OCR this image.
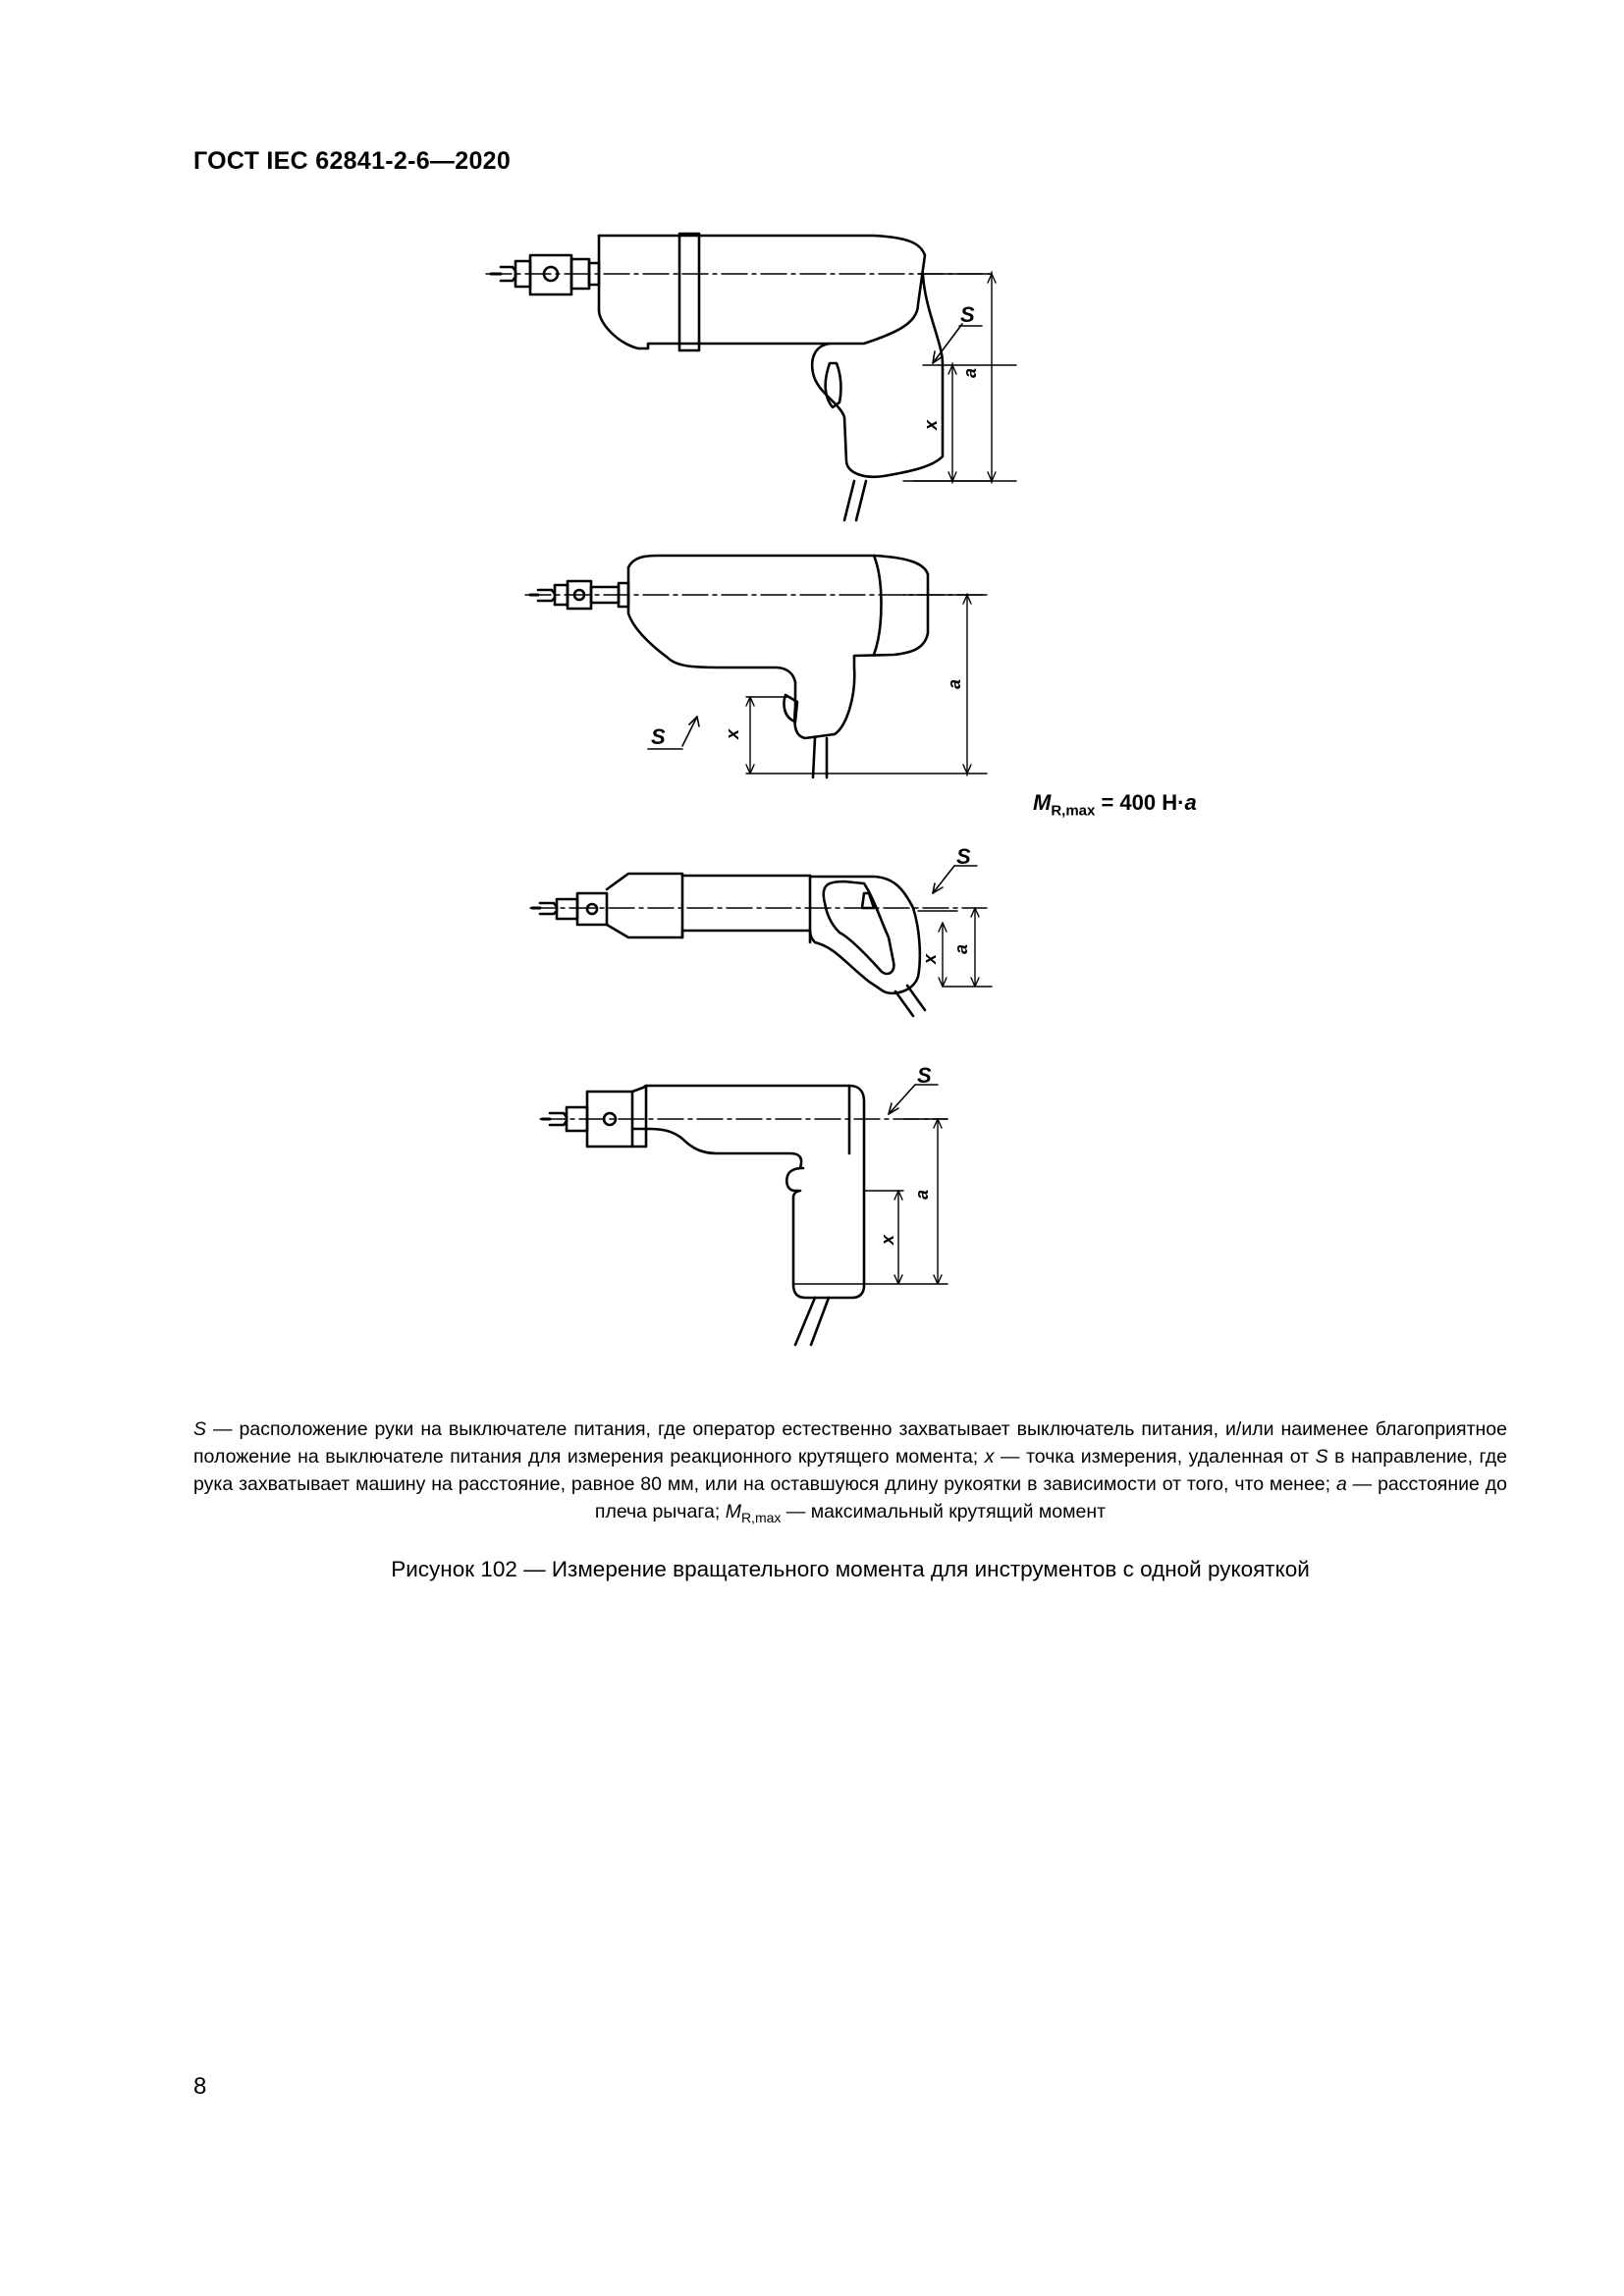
ГОСТ IEC 62841-2-6—2020
S
x
a
S	x
a
S
x
a
S
x
a
$M_{R,max} = 400$ Н·a
S — расположение руки на выключателе питания, где оператор естественно захватывает выключатель питания, и/или наименее благоприятное положение на выключателе питания для измерения реакционного крутящего момента; x — точка измерения, удаленная от S в направление, где рука захватывает машину на расстояние, равное 80 мм, или на оставшуюся длину рукоятки в зависимости от того, что менее; a — расстояние до плеча рычага; $M_{R,max}$ — максимальный крутящий момент
Рисунок 102 — Измерение вращательного момента для инструментов с одной рукояткой
8
